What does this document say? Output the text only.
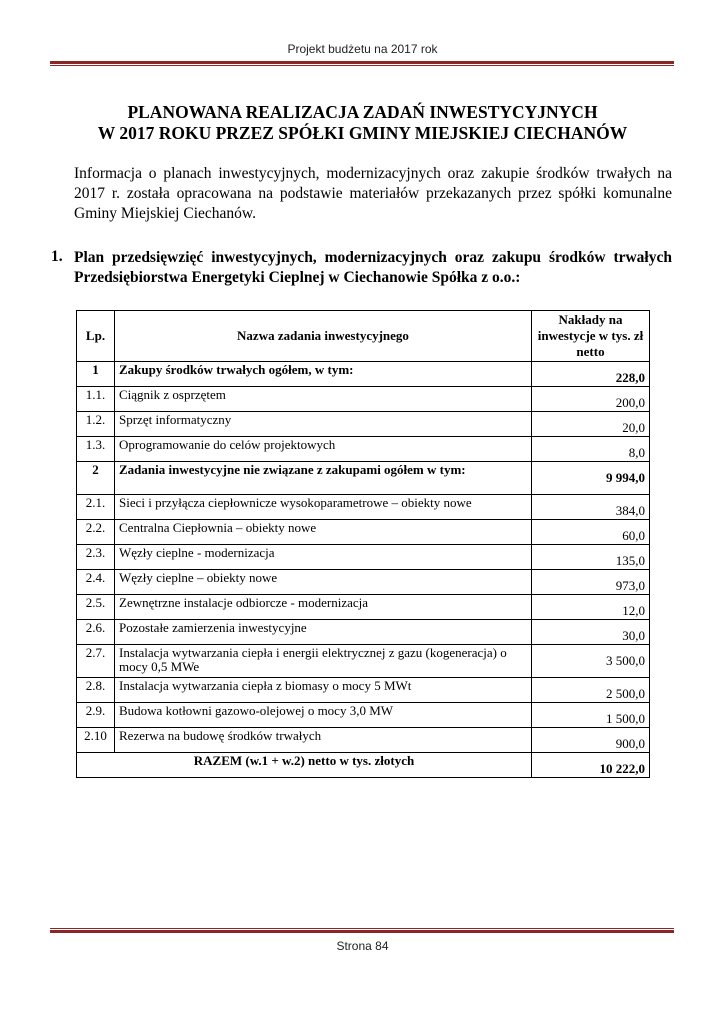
Projekt budżetu na 2017 rok
PLANOWANA REALIZACJA ZADAŃ INWESTYCYJNYCH
W 2017 ROKU PRZEZ SPÓŁKI GMINY MIEJSKIEJ CIECHANÓW
Informacja o planach inwestycyjnych, modernizacyjnych oraz zakupie środków trwałych na 2017 r. została opracowana na podstawie materiałów przekazanych przez spółki komunalne Gminy Miejskiej Ciechanów.
1. Plan przedsięwzięć inwestycyjnych, modernizacyjnych oraz zakupu środków trwałych Przedsiębiorstwa Energetyki Cieplnej w Ciechanowie Spółka z o.o.:
Lp.	Nazwa zadania inwestycyjnego	Nakłady na inwestycje w tys. zł netto
1	Zakupy środków trwałych ogółem, w tym:	228,0
1.1.	Ciągnik z osprzętem	200,0
1.2.	Sprzęt informatyczny	20,0
1.3.	Oprogramowanie do celów projektowych	8,0
2	Zadania inwestycyjne nie związane z zakupami ogółem w tym:	9 994,0
2.1.	Sieci i przyłącza ciepłownicze wysokoparametrowe – obiekty nowe	384,0
2.2.	Centralna Ciepłownia – obiekty nowe	60,0
2.3.	Węzły cieplne - modernizacja	135,0
2.4.	Węzły cieplne – obiekty nowe	973,0
2.5.	Zewnętrzne instalacje odbiorcze - modernizacja	12,0
2.6.	Pozostałe zamierzenia inwestycyjne	30,0
2.7.	Instalacja wytwarzania ciepła i energii elektrycznej z gazu (kogeneracja) o mocy 0,5 MWe	3 500,0
2.8.	Instalacja wytwarzania ciepła z biomasy o mocy 5 MWt	2 500,0
2.9.	Budowa kotłowni gazowo-olejowej o mocy 3,0 MW	1 500,0
2.10	Rezerwa na budowę środków trwałych	900,0
RAZEM (w.1 + w.2) netto w tys. złotych		10 222,0
Strona 84
